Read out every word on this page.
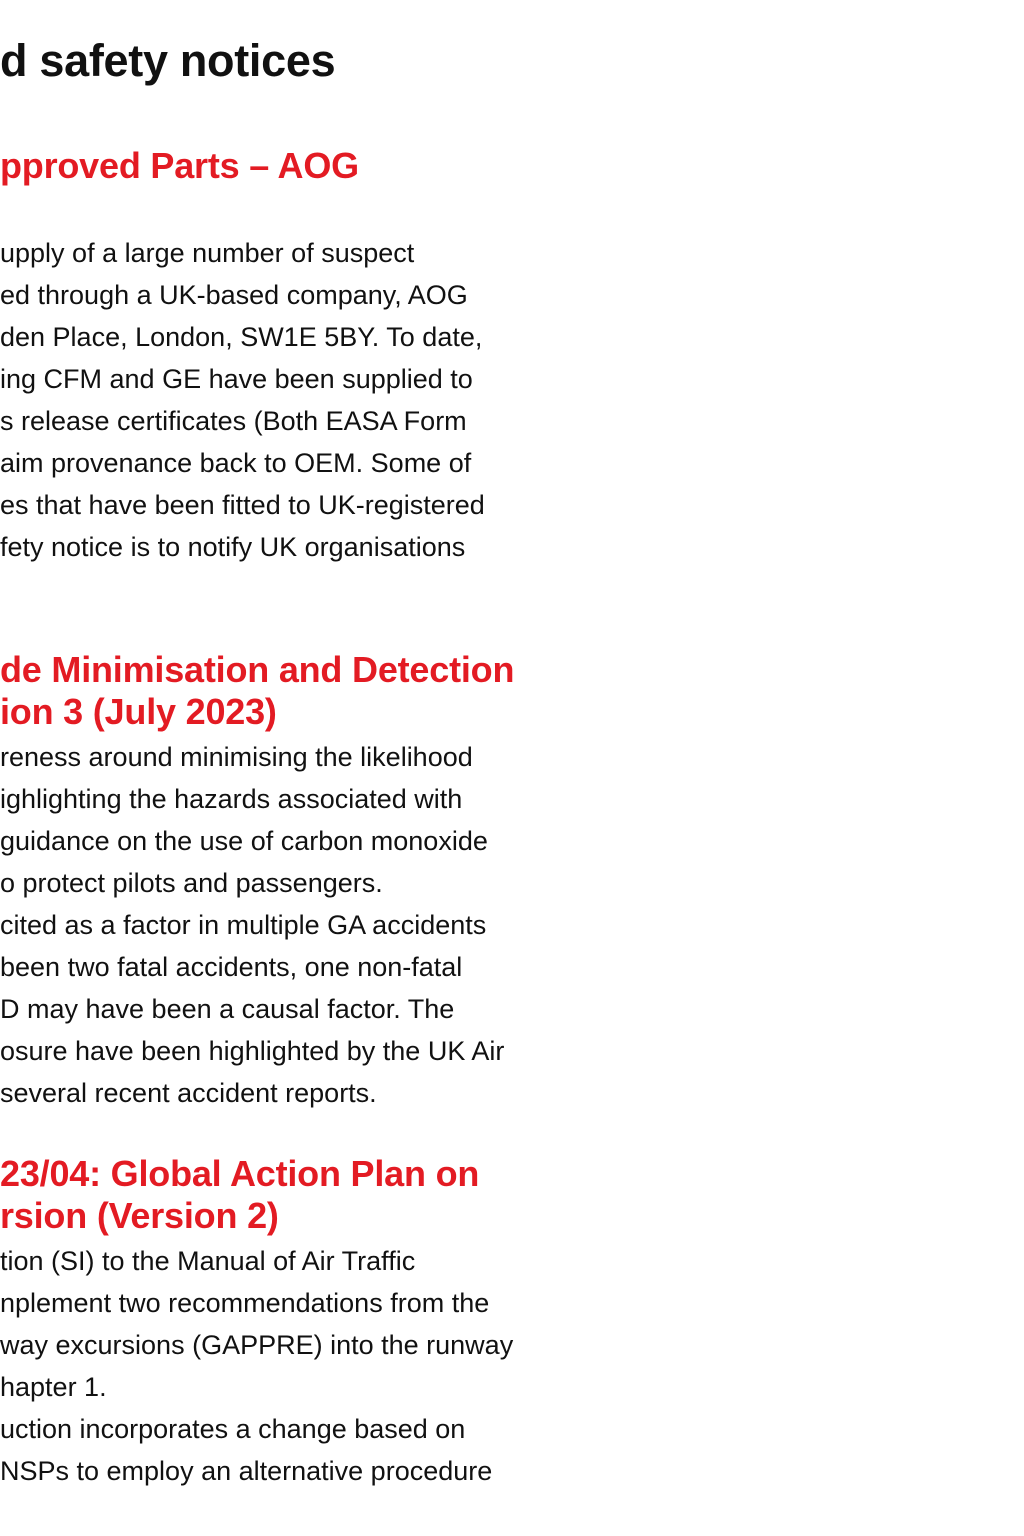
d safety notices
pproved Parts – AOG
upply of a large number of suspect
ed through a UK-based company, AOG
den Place, London, SW1E 5BY. To date,
ing CFM and GE have been supplied to
s release certificates (Both EASA Form
aim provenance back to OEM. Some of
es that have been fitted to UK-registered
fety notice is to notify UK organisations
de Minimisation and Detection
ion 3 (July 2023)
reness around minimising the likelihood
ighlighting the hazards associated with
guidance on the use of carbon monoxide
o protect pilots and passengers.
cited as a factor in multiple GA accidents
been two fatal accidents, one non-fatal
D may have been a causal factor. The
osure have been highlighted by the UK Air
several recent accident reports.
23/04: Global Action Plan on
rsion (Version 2)
tion (SI) to the Manual of Air Traffic
nplement two recommendations from the
way excursions (GAPPRE) into the runway
hapter 1.
uction incorporates a change based on
NSPs to employ an alternative procedure
